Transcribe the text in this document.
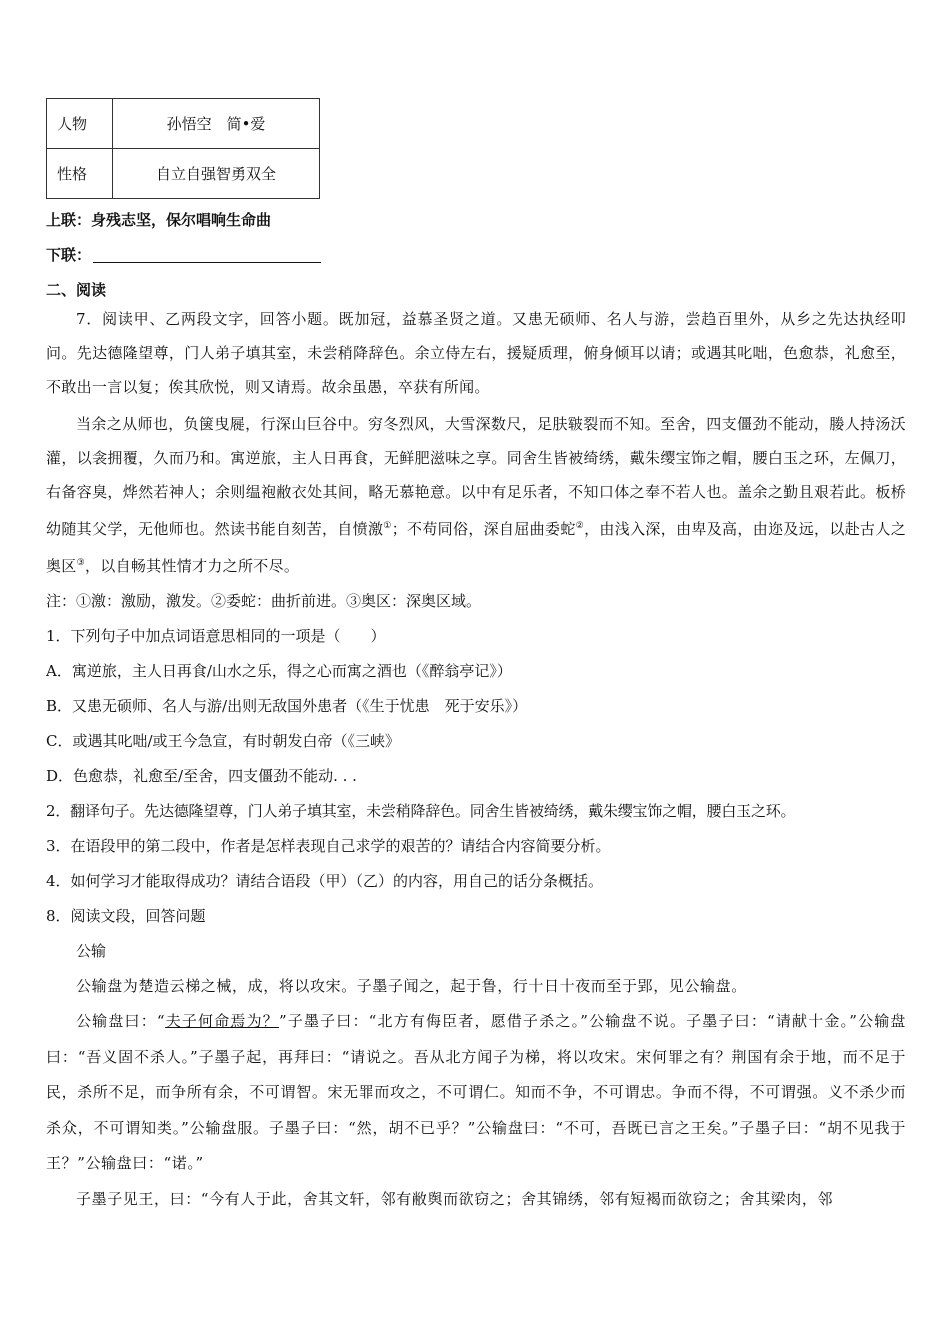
人物	孙悟空　简•爱
性格	自立自强智勇双全
上联：身残志坚，保尔唱响生命曲
下联：
二、阅读
7．阅读甲、乙两段文字，回答小题。既加冠，益慕圣贤之道。又患无硕师、名人与游，尝趋百里外，从乡之先达执经叩问。先达德隆望尊，门人弟子填其室，未尝稍降辞色。余立侍左右，援疑质理，俯身倾耳以请；或遇其叱咄，色愈恭，礼愈至，不敢出一言以复；俟其欣悦，则又请焉。故余虽愚，卒获有所闻。
当余之从师也，负箧曳屣，行深山巨谷中。穷冬烈风，大雪深数尺，足肤皲裂而不知。至舍，四支僵劲不能动，媵人持汤沃灌，以衾拥覆，久而乃和。寓逆旅，主人日再食，无鲜肥滋味之享。同舍生皆被绮绣，戴朱缨宝饰之帽，腰白玉之环，左佩刀，右备容臭，烨然若神人；余则缊袍敝衣处其间，略无慕艳意。以中有足乐者，不知口体之奉不若人也。盖余之勤且艰若此。板桥幼随其父学，无他师也。然读书能自刻苦，自愤激①；不苟同俗，深自屈曲委蛇②，由浅入深，由卑及高，由迩及远，以赴古人之奥区③，以自畅其性情才力之所不尽。
注：①激：激励，激发。②委蛇：曲折前进。③奥区：深奥区域。
1．下列句子中加点词语意思相同的一项是（　　）
A．寓逆旅，主人日再食/山水之乐，得之心而寓之酒也（《醉翁亭记》）
B．又患无硕师、名人与游/出则无敌国外患者（《生于忧患　死于安乐》）
C．或遇其叱咄/或王今急宣，有时朝发白帝（《三峡》
D．色愈恭，礼愈至/至舍，四支僵劲不能动. . .
2．翻译句子。先达德隆望尊，门人弟子填其室，未尝稍降辞色。同舍生皆被绮绣，戴朱缨宝饰之帽，腰白玉之环。
3．在语段甲的第二段中，作者是怎样表现自己求学的艰苦的？请结合内容简要分析。
4．如何学习才能取得成功？请结合语段（甲）（乙）的内容，用自己的话分条概括。
8．阅读文段，回答问题
公输
公输盘为楚造云梯之械，成，将以攻宋。子墨子闻之，起于鲁，行十日十夜而至于郢，见公输盘。
公输盘曰：“夫子何命焉为？”子墨子曰：“北方有侮臣者，愿借子杀之。”公输盘不说。子墨子曰：“请献十金。”公输盘曰：“吾义固不杀人。”子墨子起，再拜曰：“请说之。吾从北方闻子为梯，将以攻宋。宋何罪之有？荆国有余于地，而不足于民，杀所不足，而争所有余，不可谓智。宋无罪而攻之，不可谓仁。知而不争，不可谓忠。争而不得，不可谓强。义不杀少而杀众，不可谓知类。”公输盘服。子墨子曰：“然，胡不已乎？”公输盘曰：“不可，吾既已言之王矣。”子墨子曰：“胡不见我于王？”公输盘曰：“诺。”
子墨子见王，曰：“今有人于此，舍其文轩，邻有敝舆而欲窃之；舍其锦绣，邻有短褐而欲窃之；舍其梁肉，邻
